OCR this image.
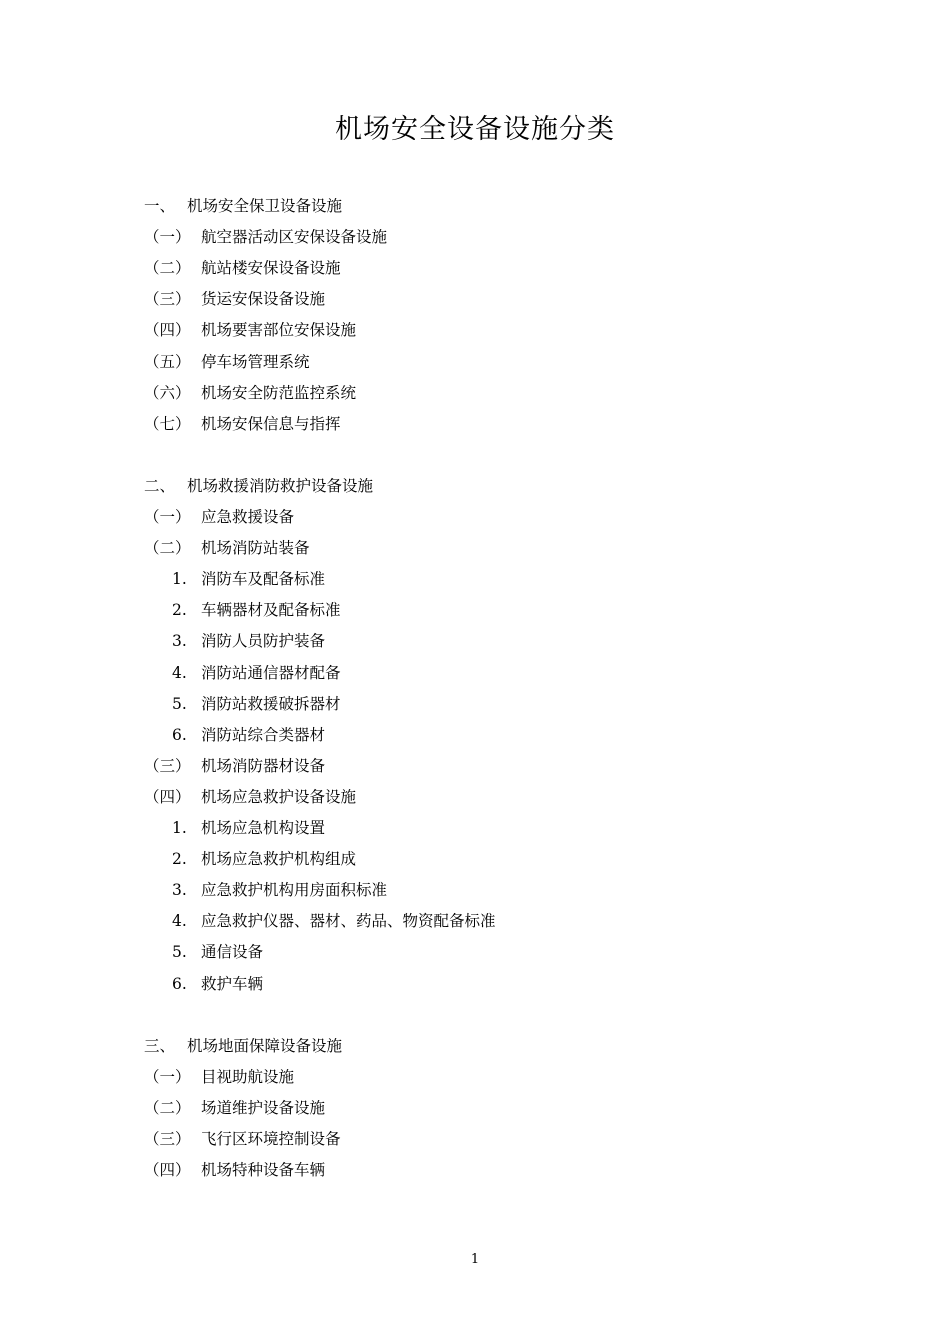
机场安全设备设施分类
一、 机场安全保卫设备设施
（一） 航空器活动区安保设备设施
（二） 航站楼安保设备设施
（三） 货运安保设备设施
（四） 机场要害部位安保设施
（五） 停车场管理系统
（六） 机场安全防范监控系统
（七） 机场安保信息与指挥
二、 机场救援消防救护设备设施
（一） 应急救援设备
（二） 机场消防站装备
1. 消防车及配备标准
2. 车辆器材及配备标准
3. 消防人员防护装备
4. 消防站通信器材配备
5. 消防站救援破拆器材
6. 消防站综合类器材
（三） 机场消防器材设备
（四） 机场应急救护设备设施
1. 机场应急机构设置
2. 机场应急救护机构组成
3. 应急救护机构用房面积标准
4. 应急救护仪器、器材、药品、物资配备标准
5. 通信设备
6. 救护车辆
三、 机场地面保障设备设施
（一） 目视助航设施
（二） 场道维护设备设施
（三） 飞行区环境控制设备
（四） 机场特种设备车辆
1
